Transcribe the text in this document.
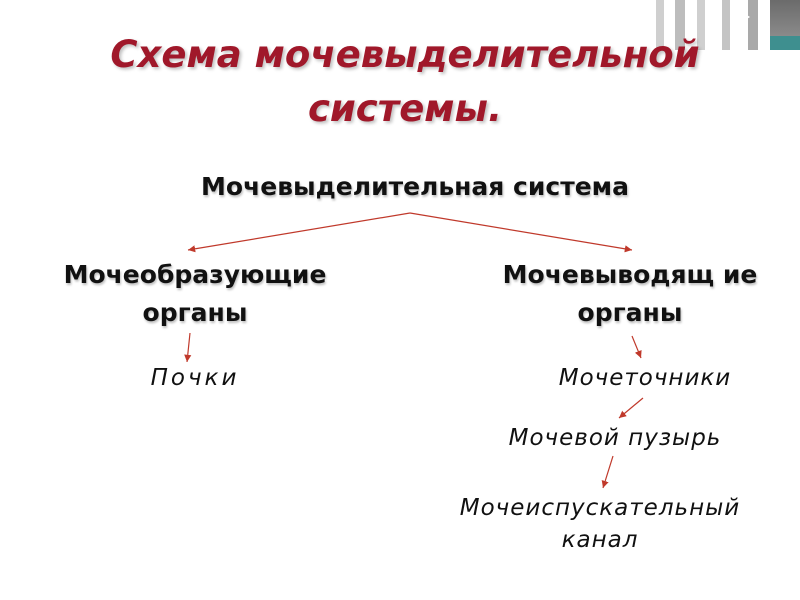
Схема мочевыделительной системы.
Мочевыделительная система
Мочеобразующие органы
Мочевыводящ ие органы
Почки	Мочеточники
Мочевой пузырь
Мочеиспускательный канал
